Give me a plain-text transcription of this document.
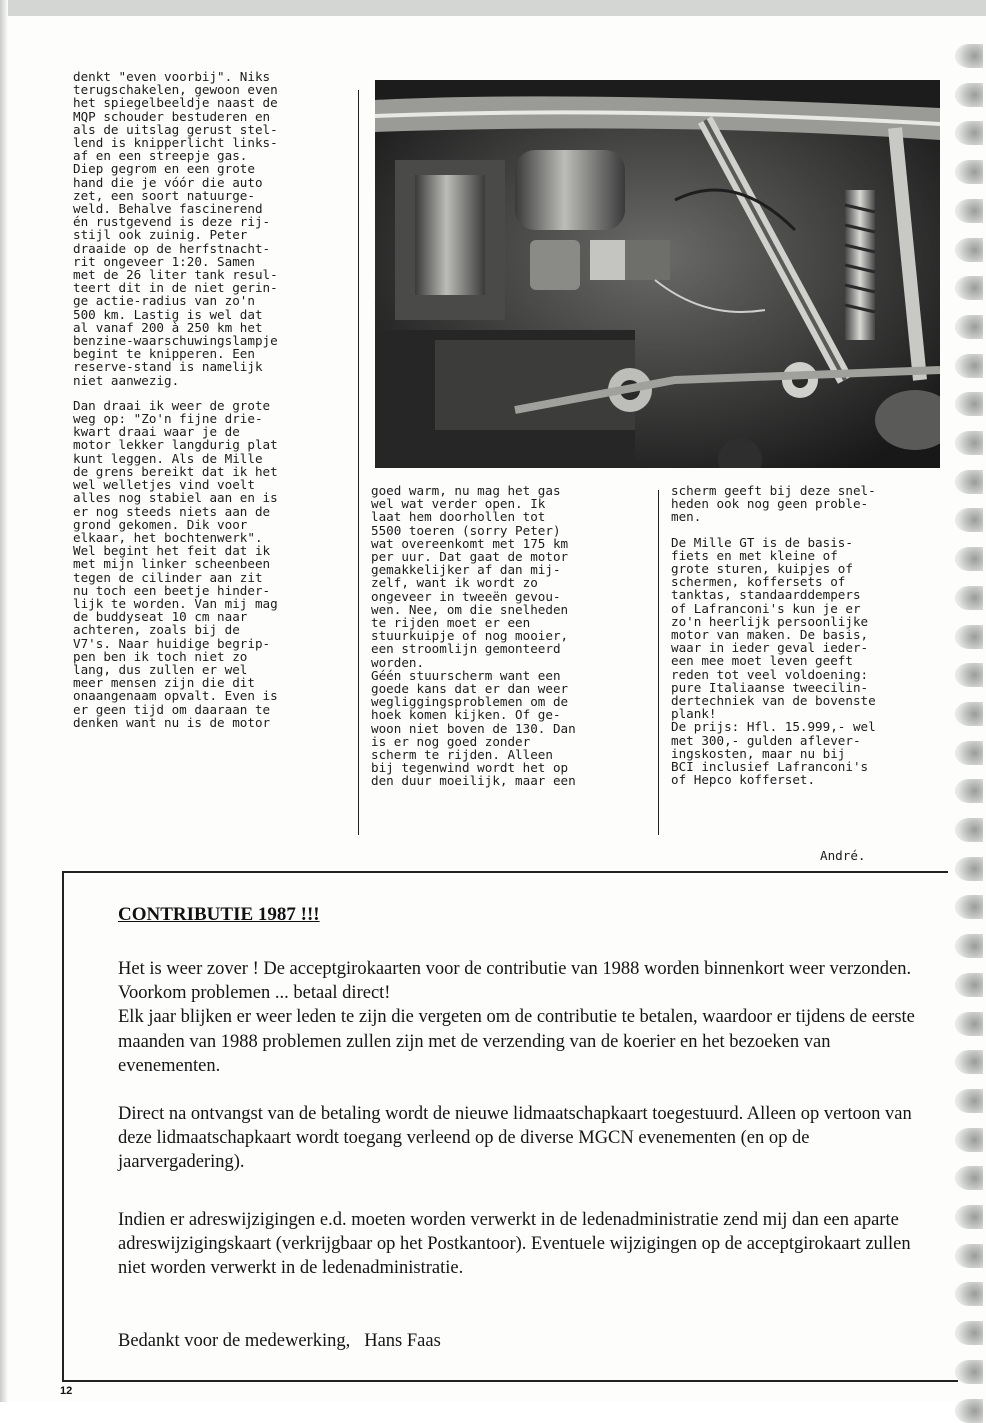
denkt "even voorbij". Niks
terugschakelen, gewoon even
het spiegelbeeldje naast de
MQP schouder bestuderen en
als de uitslag gerust stel-
lend is knipperlicht links-
af en een streepje gas.
Diep gegrom en een grote
hand die je vóór die auto
zet, een soort natuurge-
weld. Behalve fascinerend
én rustgevend is deze rij-
stijl ook zuinig. Peter
draaide op de herfstnacht-
rit ongeveer 1:20. Samen
met de 26 liter tank resul-
teert dit in de niet gerin-
ge actie-radius van zo'n
500 km. Lastig is wel dat
al vanaf 200 à 250 km het
benzine-waarschuwingslampje
begint te knipperen. Een
reserve-stand is namelijk
niet aanwezig.

Dan draai ik weer de grote
weg op: "Zo'n fijne drie-
kwart draai waar je de
motor lekker langdurig plat
kunt leggen. Als de Mille
de grens bereikt dat ik het
wel welletjes vind voelt
alles nog stabiel aan en is
er nog steeds niets aan de
grond gekomen. Dik voor
elkaar, het bochtenwerk".
Wel begint het feit dat ik
met mijn linker scheenbeen
tegen de cilinder aan zit
nu toch een beetje hinder-
lijk te worden. Van mij mag
de buddyseat 10 cm naar
achteren, zoals bij de
V7's. Naar huidige begrip-
pen ben ik toch niet zo
lang, dus zullen er wel
meer mensen zijn die dit
onaangenaam opvalt. Even is
er geen tijd om daaraan te
denken want nu is de motor

goed warm, nu mag het gas
wel wat verder open. Ik
laat hem doorhollen tot
5500 toeren (sorry Peter)
wat overeenkomt met 175 km
per uur. Dat gaat de motor
gemakkelijker af dan mij-
zelf, want ik wordt zo
ongeveer in tweeën gevou-
wen. Nee, om die snelheden
te rijden moet er een
stuurkuipje of nog mooier,
een stroomlijn gemonteerd
worden.

Géén stuurscherm want een
goede kans dat er dan weer
wegliggingsproblemen om de
hoek komen kijken. Of ge-
woon niet boven de 130. Dan
is er nog goed zonder
scherm te rijden. Alleen
bij tegenwind wordt het op
den duur moeilijk, maar een

scherm geeft bij deze snel-
heden ook nog geen proble-
men.

De Mille GT is de basis-
fiets en met kleine of
grote sturen, kuipjes of
schermen, koffersets of
tanktas, standaarddempers
of Lafranconi's kun je er
zo'n heerlijk persoonlijke
motor van maken. De basis,
waar in ieder geval ieder-
een mee moet leven geeft
reden tot veel voldoening:
pure Italiaanse tweecilin-
dertechniek van de bovenste
plank!

De prijs: Hfl. 15.999,- wel
met 300,- gulden aflever-
ingskosten, maar nu bij
BCI inclusief Lafranconi's
of Hepco kofferset.

André.
CONTRIBUTIE 1987 !!!

Het is weer zover ! De acceptgirokaarten voor de contributie van 1988 worden binnenkort weer verzonden. Voorkom problemen ... betaal direct!
Elk jaar blijken er weer leden te zijn die vergeten om de contributie te betalen, waardoor er tijdens de eerste maanden van 1988 problemen zullen zijn met de verzending van de koerier en het bezoeken van evenementen.

Direct na ontvangst van de betaling wordt de nieuwe lidmaatschapkaart toegestuurd. Alleen op vertoon van deze lidmaatschapkaart wordt toegang verleend op de diverse MGCN evenementen (en op de jaarvergadering).

Indien er adreswijzigingen e.d. moeten worden verwerkt in de ledenadministratie zend mij dan een aparte adreswijzigingskaart (verkrijgbaar op het Postkantoor). Eventuele wijzigingen op de acceptgirokaart zullen niet worden verwerkt in de ledenadministratie.

Bedankt voor de medewerking, Hans Faas
12
